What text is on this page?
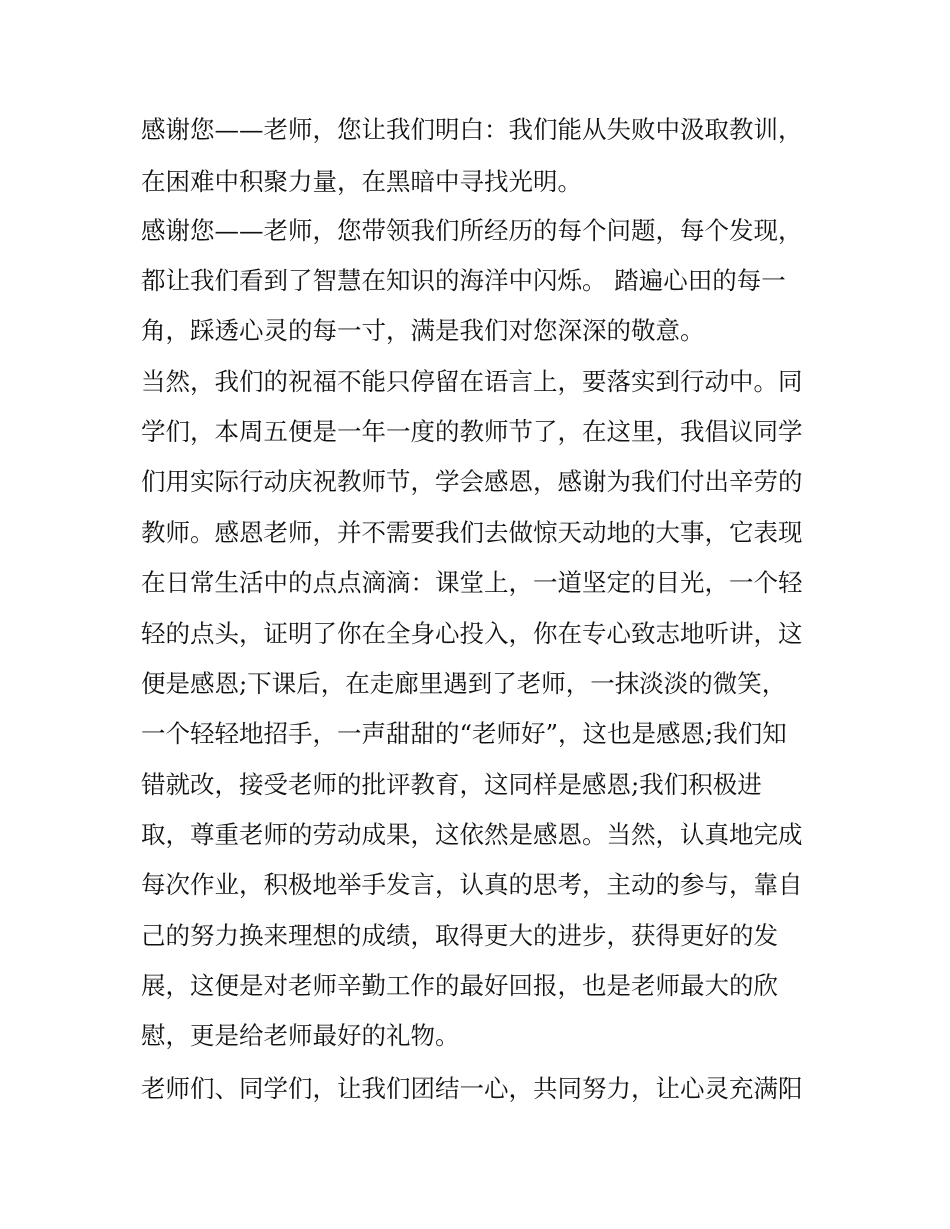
感谢您——老师，您让我们明白：我们能从失败中汲取教训，
在困难中积聚力量，在黑暗中寻找光明。
感谢您——老师，您带领我们所经历的每个问题，每个发现，
都让我们看到了智慧在知识的海洋中闪烁。 踏遍心田的每一
角，踩透心灵的每一寸，满是我们对您深深的敬意。
当然，我们的祝福不能只停留在语言上，要落实到行动中。同
学们，本周五便是一年一度的教师节了，在这里，我倡议同学
们用实际行动庆祝教师节，学会感恩，感谢为我们付出辛劳的
教师。感恩老师，并不需要我们去做惊天动地的大事，它表现
在日常生活中的点点滴滴：课堂上，一道坚定的目光，一个轻
轻的点头，证明了你在全身心投入，你在专心致志地听讲，这
便是感恩;下课后，在走廊里遇到了老师，一抹淡淡的微笑，
一个轻轻地招手，一声甜甜的“老师好”，这也是感恩;我们知
错就改，接受老师的批评教育，这同样是感恩;我们积极进
取，尊重老师的劳动成果，这依然是感恩。当然，认真地完成
每次作业，积极地举手发言，认真的思考，主动的参与，靠自
己的努力换来理想的成绩，取得更大的进步，获得更好的发
展，这便是对老师辛勤工作的最好回报，也是老师最大的欣
慰，更是给老师最好的礼物。
老师们、同学们，让我们团结一心，共同努力，让心灵充满阳
